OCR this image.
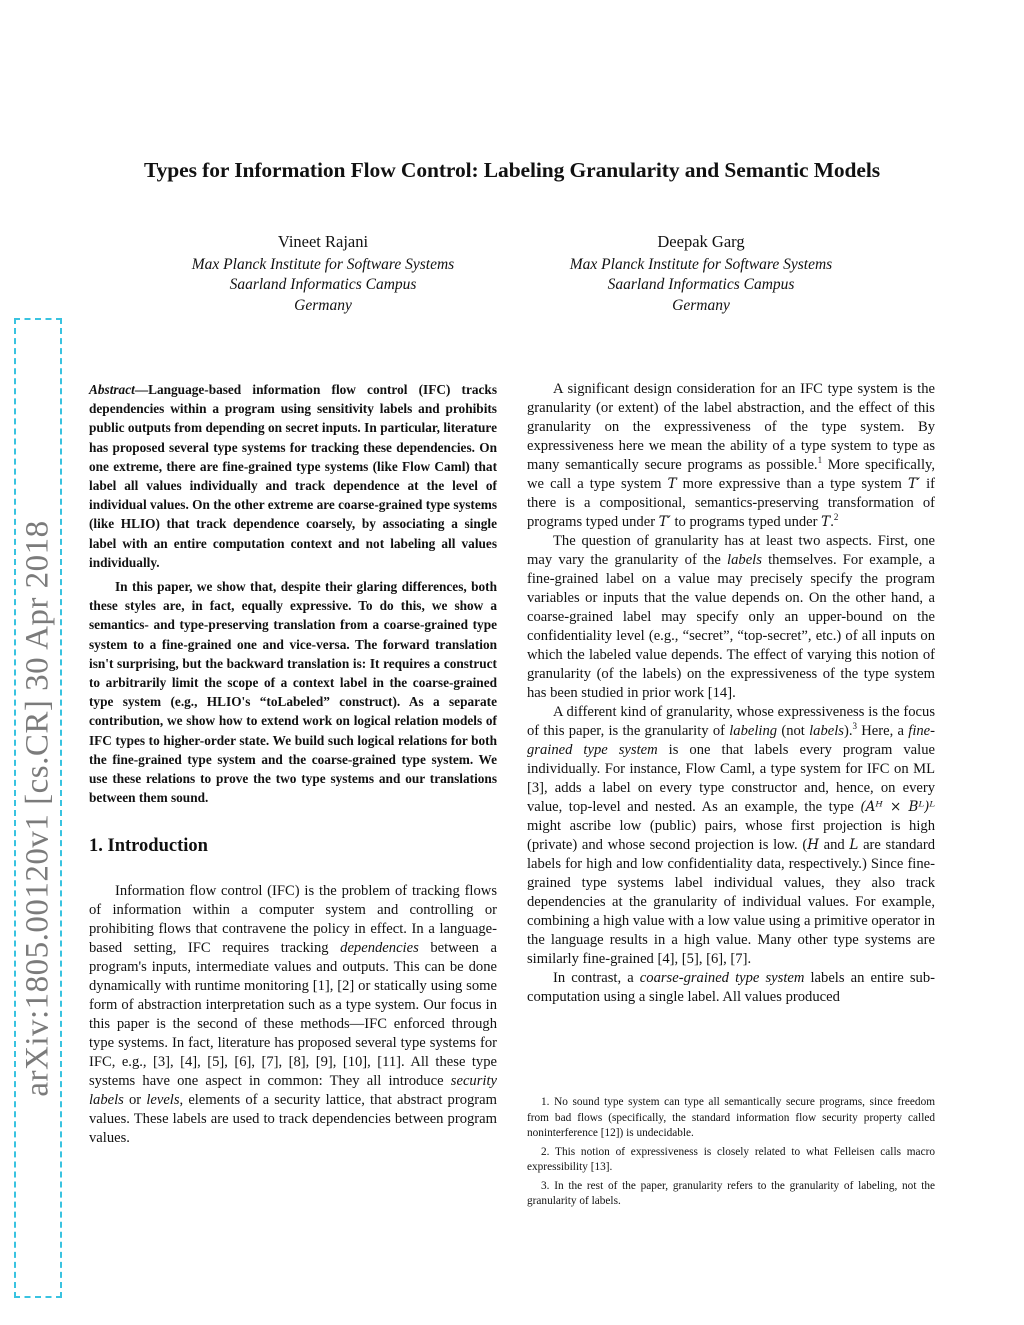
arXiv:1805.00120v1 [cs.CR] 30 Apr 2018
Types for Information Flow Control: Labeling Granularity and Semantic Models
Vineet Rajani
Max Planck Institute for Software Systems
Saarland Informatics Campus
Germany
Deepak Garg
Max Planck Institute for Software Systems
Saarland Informatics Campus
Germany

Abstract—Language-based information flow control (IFC) tracks dependencies within a program using sensitivity labels and prohibits public outputs from depending on secret inputs. In particular, literature has proposed several type systems for tracking these dependencies. On one extreme, there are fine-grained type systems (like Flow Caml) that label all values individually and track dependence at the level of individual values. On the other extreme are coarse-grained type systems (like HLIO) that track dependence coarsely, by associating a single label with an entire computation context and not labeling all values individually.

In this paper, we show that, despite their glaring differences, both these styles are, in fact, equally expressive. To do this, we show a semantics- and type-preserving translation from a coarse-grained type system to a fine-grained one and vice-versa. The forward translation isn't surprising, but the backward translation is: It requires a construct to arbitrarily limit the scope of a context label in the coarse-grained type system (e.g., HLIO's “toLabeled” construct). As a separate contribution, we show how to extend work on logical relation models of IFC types to higher-order state. We build such logical relations for both the fine-grained type system and the coarse-grained type system. We use these relations to prove the two type systems and our translations between them sound.

1. Introduction

Information flow control (IFC) is the problem of tracking flows of information within a computer system and controlling or prohibiting flows that contravene the policy in effect. In a language-based setting, IFC requires tracking dependencies between a program's inputs, intermediate values and outputs. This can be done dynamically with runtime monitoring [1], [2] or statically using some form of abstraction interpretation such as a type system. Our focus in this paper is the second of these methods—IFC enforced through type systems. In fact, literature has proposed several type systems for IFC, e.g., [3], [4], [5], [6], [7], [8], [9], [10], [11]. All these type systems have one aspect in common: They all introduce security labels or levels, elements of a security lattice, that abstract program values. These labels are used to track dependencies between program values.

A significant design consideration for an IFC type system is the granularity (or extent) of the label abstraction, and the effect of this granularity on the expressiveness of the type system. By expressiveness here we mean the ability of a type system to type as many semantically secure programs as possible.$^1$ More specifically, we call a type system T more expressive than a type system T′ if there is a compositional, semantics-preserving transformation of programs typed under T′ to programs typed under T.$^2$

The question of granularity has at least two aspects. First, one may vary the granularity of the labels themselves. For example, a fine-grained label on a value may precisely specify the program variables or inputs that the value depends on. On the other hand, a coarse-grained label may specify only an upper-bound on the confidentiality level (e.g., “secret”, “top-secret”, etc.) of all inputs on which the labeled value depends. The effect of varying this notion of granularity (of the labels) on the expressiveness of the type system has been studied in prior work [14].

A different kind of granularity, whose expressiveness is the focus of this paper, is the granularity of labeling (not labels).$^3$ Here, a fine-grained type system is one that labels every program value individually. For instance, Flow Caml, a type system for IFC on ML [3], adds a label on every type constructor and, hence, on every value, top-level and nested. As an example, the type (Aᴴ × Bᴸ)ᴸ might ascribe low (public) pairs, whose first projection is high (private) and whose second projection is low. (H and L are standard labels for high and low confidentiality data, respectively.) Since fine-grained type systems label individual values, they also track dependencies at the granularity of individual values. For example, combining a high value with a low value using a primitive operator in the language results in a high value. Many other type systems are similarly fine-grained [4], [5], [6], [7].

In contrast, a coarse-grained type system labels an entire sub-computation using a single label. All values produced

1. No sound type system can type all semantically secure programs, since freedom from bad flows (specifically, the standard information flow security property called noninterference [12]) is undecidable.

2. This notion of expressiveness is closely related to what Felleisen calls macro expressibility [13].

3. In the rest of the paper, granularity refers to the granularity of labeling, not the granularity of labels.
